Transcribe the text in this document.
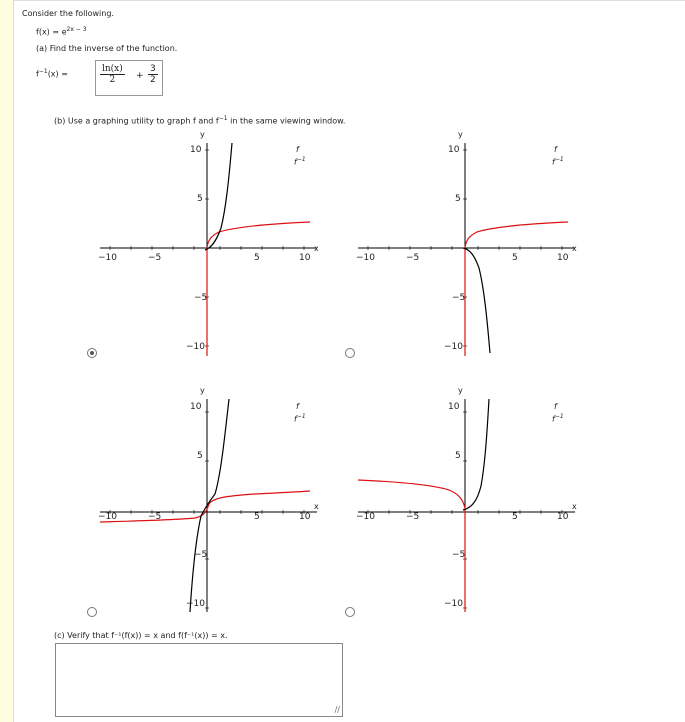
Consider the following.
$f(x) = e^{2x - 3}$
(a) Find the inverse of the function.
$f^{-1}(x)$ =	$\frac{\ln(x)}{2} + \frac{3}{2}$
(b) Use a graphing utility to graph f and $f^{-1}$ in the same viewing window.
y
10
5
−5
−10
−10	−5	5	10
x
f
$f^{-1}$
y
10
5
−5
−10
−10	−5	5	10
x
f
$f^{-1}$
y
10
5
−5
−10
−10	−5	5	10
x
f
$f^{-1}$
y
10
5
−5
−10
−10	−5	5	10
x
f
$f^{-1}$
(c) Verify that f⁻¹(f(x)) = x and f(f⁻¹(x)) = x.
∕∕
